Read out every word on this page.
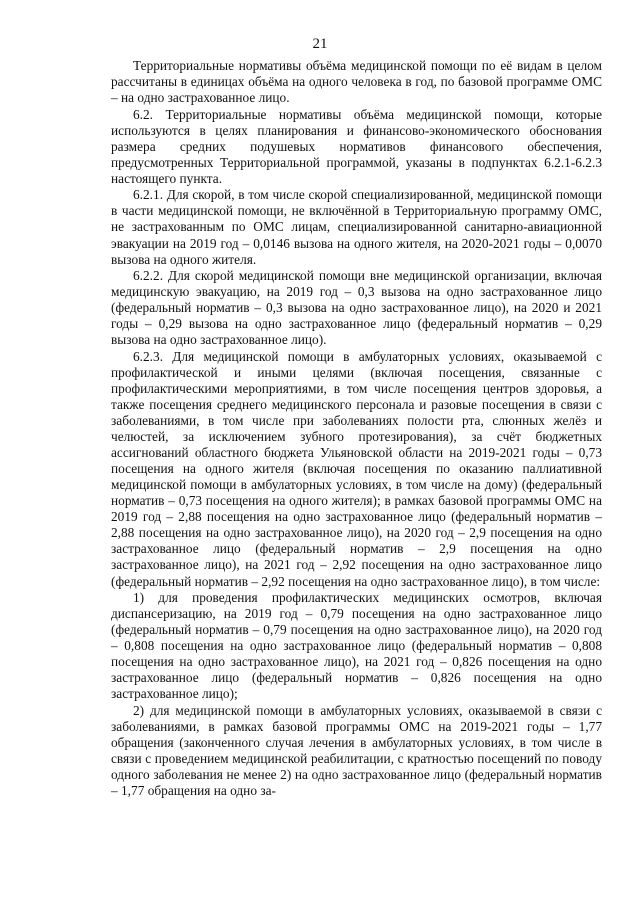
21

Территориальные нормативы объёма медицинской помощи по её видам в целом рассчитаны в единицах объёма на одного человека в год, по базовой программе ОМС – на одно застрахованное лицо.

6.2. Территориальные нормативы объёма медицинской помощи, которые используются в целях планирования и финансово-экономического обоснования размера средних подушевых нормативов финансового обеспечения, предусмотренных Территориальной программой, указаны в подпунктах 6.2.1-6.2.3 настоящего пункта.

6.2.1. Для скорой, в том числе скорой специализированной, медицинской помощи в части медицинской помощи, не включённой в Территориальную программу ОМС, не застрахованным по ОМС лицам, специализированной санитарно-авиационной эвакуации на 2019 год – 0,0146 вызова на одного жителя, на 2020-2021 годы – 0,0070 вызова на одного жителя.

6.2.2. Для скорой медицинской помощи вне медицинской организации, включая медицинскую эвакуацию, на 2019 год – 0,3 вызова на одно застрахованное лицо (федеральный норматив – 0,3 вызова на одно застрахованное лицо), на 2020 и 2021 годы – 0,29 вызова на одно застрахованное лицо (федеральный норматив – 0,29 вызова на одно застрахованное лицо).

6.2.3. Для медицинской помощи в амбулаторных условиях, оказываемой с профилактической и иными целями (включая посещения, связанные с профилактическими мероприятиями, в том числе посещения центров здоровья, а также посещения среднего медицинского персонала и разовые посещения в связи с заболеваниями, в том числе при заболеваниях полости рта, слюнных желёз и челюстей, за исключением зубного протезирования), за счёт бюджетных ассигнований областного бюджета Ульяновской области на 2019-2021 годы – 0,73 посещения на одного жителя (включая посещения по оказанию паллиативной медицинской помощи в амбулаторных условиях, в том числе на дому) (федеральный норматив – 0,73 посещения на одного жителя); в рамках базовой программы ОМС на 2019 год – 2,88 посещения на одно застрахованное лицо (федеральный норматив – 2,88 посещения на одно застрахованное лицо), на 2020 год – 2,9 посещения на одно застрахованное лицо (федеральный норматив – 2,9 посещения на одно застрахованное лицо), на 2021 год – 2,92 посещения на одно застрахованное лицо (федеральный норматив – 2,92 посещения на одно застрахованное лицо), в том числе:

1) для проведения профилактических медицинских осмотров, включая диспансеризацию, на 2019 год – 0,79 посещения на одно застрахованное лицо (федеральный норматив – 0,79 посещения на одно застрахованное лицо), на 2020 год – 0,808 посещения на одно застрахованное лицо (федеральный норматив – 0,808 посещения на одно застрахованное лицо), на 2021 год – 0,826 посещения на одно застрахованное лицо (федеральный норматив – 0,826 посещения на одно застрахованное лицо);

2) для медицинской помощи в амбулаторных условиях, оказываемой в связи с заболеваниями, в рамках базовой программы ОМС на 2019-2021 годы – 1,77 обращения (законченного случая лечения в амбулаторных условиях, в том числе в связи с проведением медицинской реабилитации, с кратностью посещений по поводу одного заболевания не менее 2) на одно застрахованное лицо (федеральный норматив – 1,77 обращения на одно за-
